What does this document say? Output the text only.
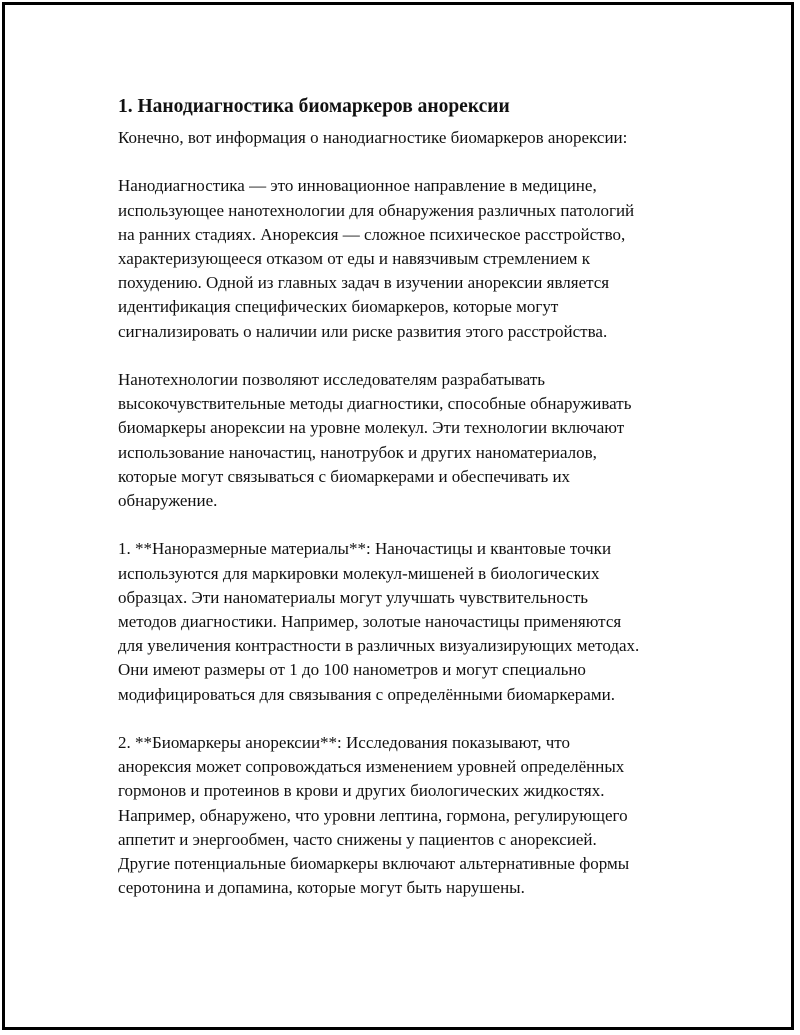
1. Нанодиагностика биомаркеров анорексии

Конечно, вот информация о нанодиагностике биомаркеров анорексии:

Нанодиагностика — это инновационное направление в медицине,
использующее нанотехнологии для обнаружения различных патологий
на ранних стадиях. Анорексия — сложное психическое расстройство,
характеризующееся отказом от еды и навязчивым стремлением к
похудению. Одной из главных задач в изучении анорексии является
идентификация специфических биомаркеров, которые могут
сигнализировать о наличии или риске развития этого расстройства.

Нанотехнологии позволяют исследователям разрабатывать
высокочувствительные методы диагностики, способные обнаруживать
биомаркеры анорексии на уровне молекул. Эти технологии включают
использование наночастиц, нанотрубок и других наноматериалов,
которые могут связываться с биомаркерами и обеспечивать их
обнаружение.

1. **Наноразмерные материалы**: Наночастицы и квантовые точки
используются для маркировки молекул-мишеней в биологических
образцах. Эти наноматериалы могут улучшать чувствительность
методов диагностики. Например, золотые наночастицы применяются
для увеличения контрастности в различных визуализирующих методах.
Они имеют размеры от 1 до 100 нанометров и могут специально
модифицироваться для связывания с определёнными биомаркерами.

2. **Биомаркеры анорексии**: Исследования показывают, что
анорексия может сопровождаться изменением уровней определённых
гормонов и протеинов в крови и других биологических жидкостях.
Например, обнаружено, что уровни лептина, гормона, регулирующего
аппетит и энергообмен, часто снижены у пациентов с анорексией.
Другие потенциальные биомаркеры включают альтернативные формы
серотонина и допамина, которые могут быть нарушены.
